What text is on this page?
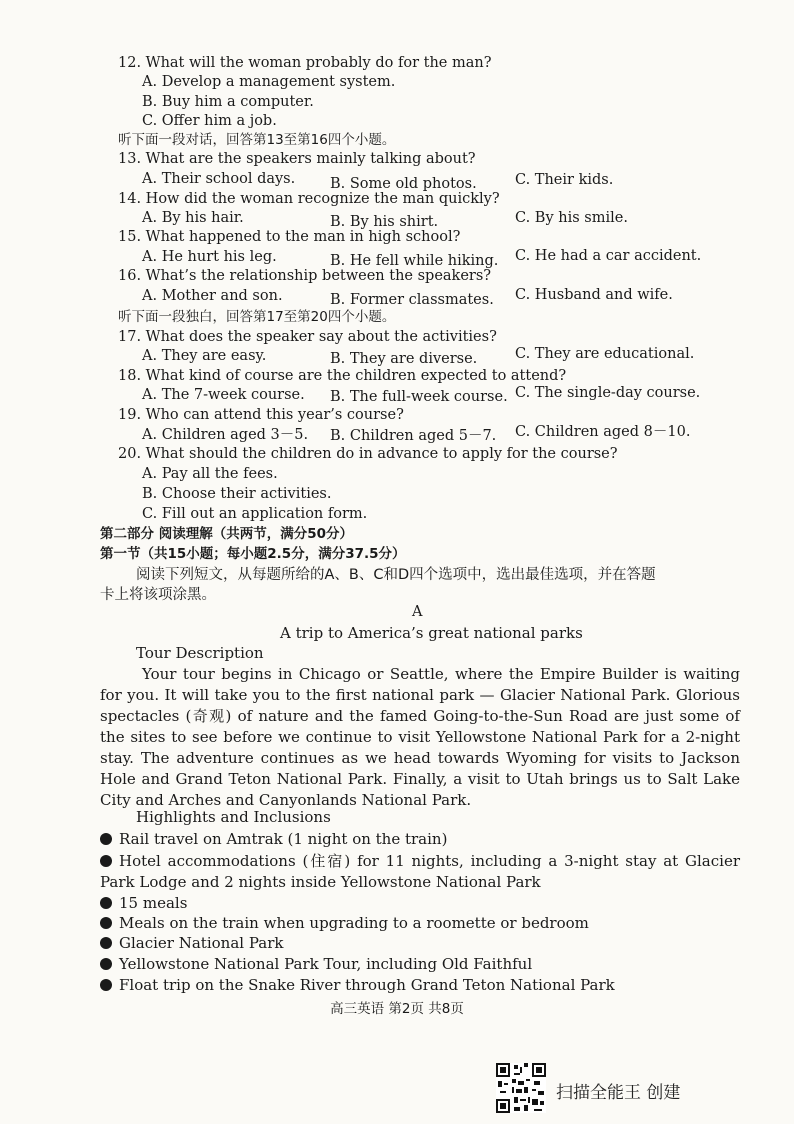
12. What will the woman probably do for the man?
A. Develop a management system.
B. Buy him a computer.
C. Offer him a job.
听下面一段对话，回答第13至第16四个小题。
13. What are the speakers mainly talking about?
A. Their school days. B. Some old photos.	C. Their kids.
14. How did the woman recognize the man quickly?
A. By his hair.	B. By his shirt.	C. By his smile.
15. What happened to the man in high school?
A. He hurt his leg.	B. He fell while hiking. C. He had a car accident.
16. What’s the relationship between the speakers?
A. Mother and son.	B. Former classmates. C. Husband and wife.
听下面一段独白，回答第17至第20四个小题。
17. What does the speaker say about the activities?
A. They are easy.	B. They are diverse.	C. They are educational.
18. What kind of course are the children expected to attend?
A. The 7-week course. B. The full-week course. C. The single-day course.
19. Who can attend this year’s course?
A. Children aged 3－5. B. Children aged 5－7. C. Children aged 8－10.
20. What should the children do in advance to apply for the course?
A. Pay all the fees.
B. Choose their activities.
C. Fill out an application form.
第二部分 阅读理解（共两节，满分50分）
第一节（共15小题；每小题2.5分，满分37.5分）
阅读下列短文，从每题所给的A、B、C和D四个选项中，选出最佳选项，并在答题
卡上将该项涂黑。
A
A trip to America’s great national parks
Tour Description
Your tour begins in Chicago or Seattle, where the Empire Builder is waiting for you. It will take you to the first national park — Glacier National Park. Glorious spectacles (奇观) of nature and the famed Going-to-the-Sun Road are just some of the sites to see before we continue to visit Yellowstone National Park for a 2-night stay. The adventure continues as we head towards Wyoming for visits to Jackson Hole and Grand Teton National Park. Finally, a visit to Utah brings us to Salt Lake City and Arches and Canyonlands National Park.
Highlights and Inclusions
Rail travel on Amtrak (1 night on the train)
Hotel accommodations (住宿) for 11 nights, including a 3-night stay at Glacier Park Lodge and 2 nights inside Yellowstone National Park
15 meals
Meals on the train when upgrading to a roomette or bedroom
Glacier National Park
Yellowstone National Park Tour, including Old Faithful
Float trip on the Snake River through Grand Teton National Park
高三英语 第2页 共8页
扫描全能王 创建
